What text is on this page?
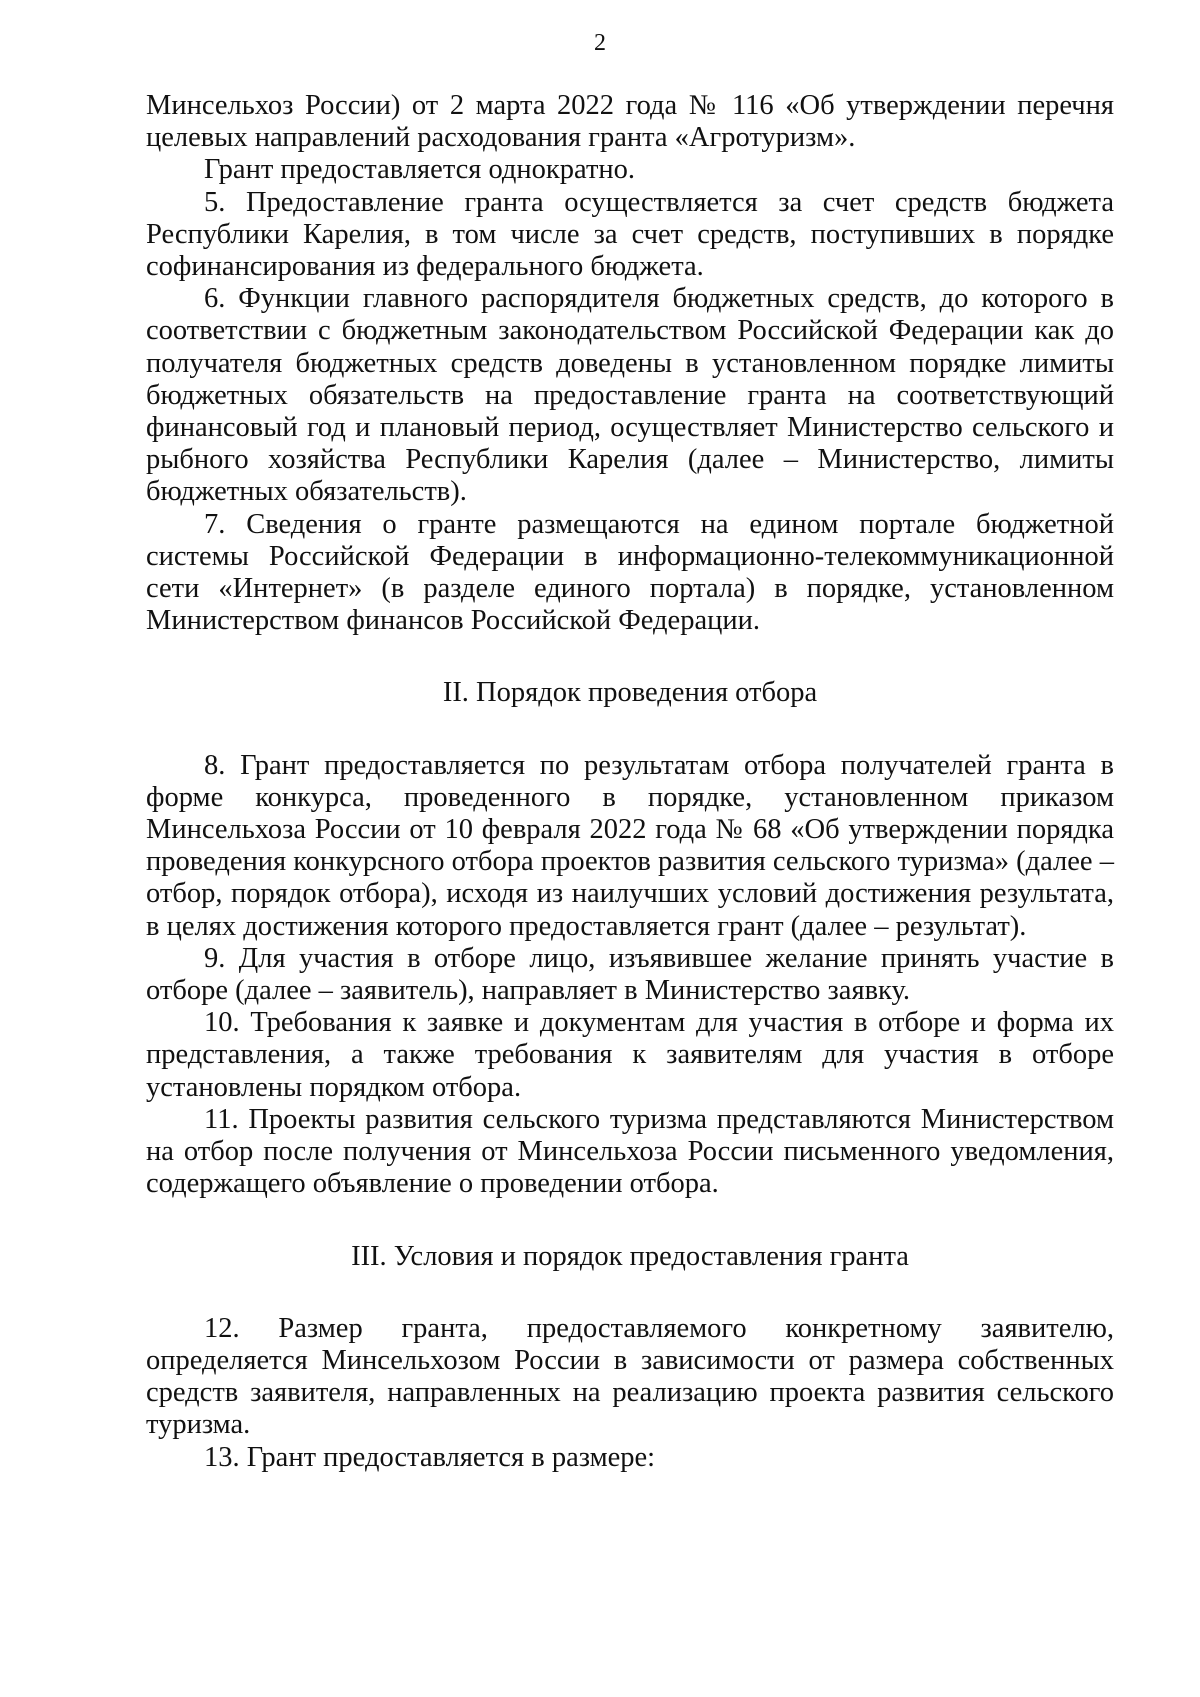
2

Минсельхоз России) от 2 марта 2022 года № 116 «Об утверждении перечня целевых направлений расходования гранта «Агротуризм».

Грант предоставляется однократно.

5. Предоставление гранта осуществляется за счет средств бюджета Республики Карелия, в том числе за счет средств, поступивших в порядке софинансирования из федерального бюджета.

6. Функции главного распорядителя бюджетных средств, до которого в соответствии с бюджетным законодательством Российской Федерации как до получателя бюджетных средств доведены в установленном порядке лимиты бюджетных обязательств на предоставление гранта на соответствующий финансовый год и плановый период, осуществляет Министерство сельского и рыбного хозяйства Республики Карелия (далее – Министерство, лимиты бюджетных обязательств).

7. Сведения о гранте размещаются на едином портале бюджетной системы Российской Федерации в информационно-телекоммуникационной сети «Интернет» (в разделе единого портала) в порядке, установленном Министерством финансов Российской Федерации.

II. Порядок проведения отбора

8. Грант предоставляется по результатам отбора получателей гранта в форме конкурса, проведенного в порядке, установленном приказом Минсельхоза России от 10 февраля 2022 года № 68 «Об утверждении порядка проведения конкурсного отбора проектов развития сельского туризма» (далее – отбор, порядок отбора), исходя из наилучших условий достижения результата, в целях достижения которого предоставляется грант (далее – результат).

9. Для участия в отборе лицо, изъявившее желание принять участие в отборе (далее – заявитель), направляет в Министерство заявку.

10. Требования к заявке и документам для участия в отборе и форма их представления, а также требования к заявителям для участия в отборе установлены порядком отбора.

11. Проекты развития сельского туризма представляются Министерством на отбор после получения от Минсельхоза России письменного уведомления, содержащего объявление о проведении отбора.

III. Условия и порядок предоставления гранта

12. Размер гранта, предоставляемого конкретному заявителю, определяется Минсельхозом России в зависимости от размера собственных средств заявителя, направленных на реализацию проекта развития сельского туризма.

13. Грант предоставляется в размере:
